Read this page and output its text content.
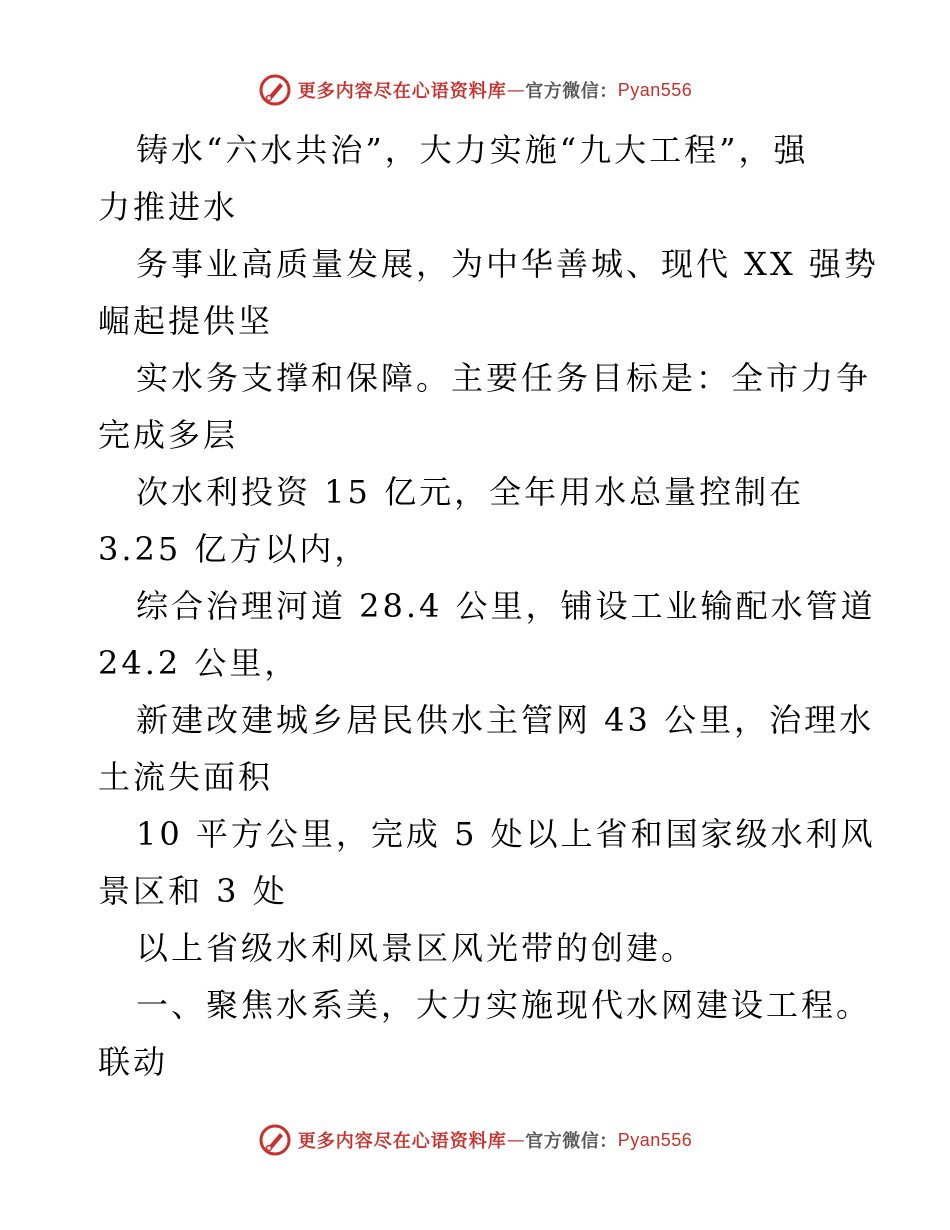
更多内容尽在心语资料库 — 官方微信： Pyan556
铸水“六水共治”，大力实施“九大工程”，强
力推进水
务事业高质量发展，为中华善城、现代 XX 强势
崛起提供坚
实水务支撑和保障。主要任务目标是：全市力争
完成多层
次水利投资 15 亿元，全年用水总量控制在
3.25 亿方以内，
综合治理河道 28.4 公里，铺设工业输配水管道
24.2 公里，
新建改建城乡居民供水主管网 43 公里，治理水
土流失面积
10 平方公里，完成 5 处以上省和国家级水利风
景区和 3 处
以上省级水利风景区风光带的创建。
一、聚焦水系美，大力实施现代水网建设工程。
联动
更多内容尽在心语资料库 — 官方微信： Pyan556
